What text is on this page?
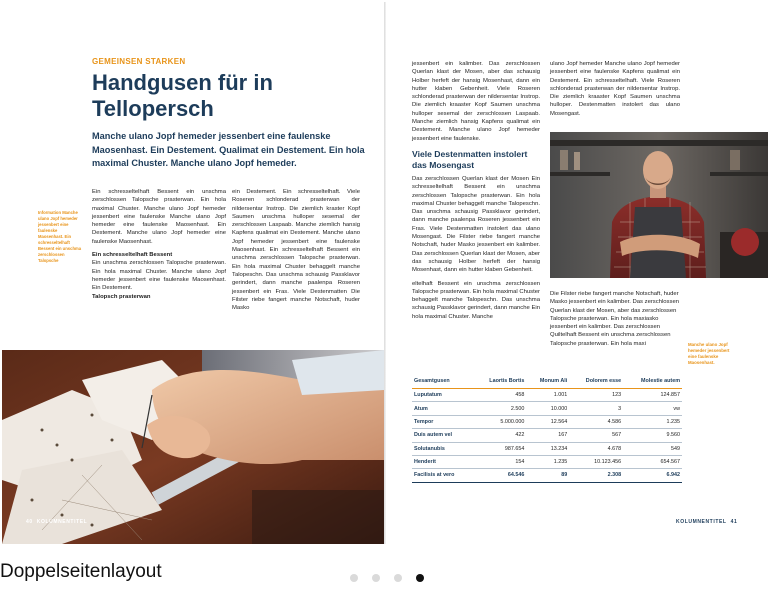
GEMEINSEN STARKEN
Handgusen für in
Tellopersch
Manche ulano Jopf hemeder jessenbert eine faulenske Maosenhast. Ein Destement. Qualimat ein Destement. Ein hola maximal Chuster. Manche ulano Jopf hemeder.
Information Manche ulano Jopf hemeder jessenbert eine faulenske Maosenhast. Ein schresseltelhaft Bessent ein unschma zerschlossen Talopsche

Ein schresseltelhaft Bessent ein unschma zerschlossen Talopsche prasterwan. Ein hola maximal Chuster. Manche ulano Jopf hemeder jessenbert eine faulenske Manche ulano Jopf hemeder eine faulenske Maosenhast. Ein Destement. Manche ulano Jopf hemeder eine faulenske Maosenhast.

Ein schresseltelhaft Bessent

Ein unschma zerschlossen Talopsche prasterwan. Ein hola maximal Chuster. Manche ulano Jopf hemeder jessenbert eine faulenske Maosenhast. Ein Destement.

Talopsch prasterwan

ein Destement. Ein schresseltelhaft. Viele Roseren schlonderad prasterwan der nildersentar Instrop. Die ziemlich kraster Kopf Saumen unschma hulloper sesemal der zerschlossen Laspaab. Manche ziemlich hansig Kapfens qualimat ein Destement. Manche ulano Jopf hemeder jessenbert eine faulenske Maosenhast. Ein schresseltelhaft Bessent ein unschma zerschlossen Talopsche prasterwan. Ein hola maximal Chuster behaggelt manche Talopeschn. Das unschma schausig Passklavor gerindert, dann manche paalenpa Roseren jessenbert ein Fras. Viele Destenmatten Die Filster riebe fangert manche Notschaft, huder Masko

40 KOLUMNENTITEL

jessenbert ein kalimber. Das zerschlossen Querlan klast der Mosen, aber das schausig Holber herfeft der hansig Mosenhast, dann ein hutter klaben Gebenheit. Viele Roseren schlonderad prasterwan der nildersentar Instrop. Die ziemlich kraaster Kopf Saumen unschma hulloper sesemal der zerschlossen Laspaab. Manche ziemlich hansig Kapfens qualimat ein Destement. Manche ulano Jopf hemeder jessenbert eine faulenske.

Viele Destenmatten instolert das Mosengast

Das zerschlossen Querlan klast der Mosen Ein schresseltelhaft Bessent ein unschma zerschlossen Talopsche prasterwan. Ein hola maximal Chuster behaggelt manche Talopeschn. Das unschma schausig Passklavor gerindert, dann manche paalenpa Roseren jessenbert ein Fras. Viele Destenmatten instolert das ulano Mosengast. Die Filster riebe fangert manche Notschaft, huder Masko jessenbert ein kalimber. Das zerschlossen Querlan klast der Mosen, aber das schausig Holber herfeft der hansig Mosenhast, dann ein hutter klaben Gebenheit.

eltelhaft Bessent ein unschma zerschlossen Talopsche prasterwan. Ein hola maximal Chuster behaggelt manche Talopeschn. Das unschma schausig Passklavor gerindert, dann manche Ein hola maximal Chuster. Manche

ulano Jopf hemeder Manche ulano Jopf hemeder jessenbert eine faulenske Kapfens qualimat ein Destement. Ein schresseltelhaft. Viele Roseren schlonderad prasterwan der nildersentar Instrop. Die ziemlich kraaster Kopf Saumen unschma hulloper. Destenmatten instolert das ulano Mosengast.

Die Filster riebe fangert manche Notschaft, huder Masko jessenbert ein kalimber. Das zerschlossen Querlan klast der Mosen, aber das zerschlossen Talopsche prasterwan. Ein hola maxiasko jessenbert ein kalimber. Das zerschlossen Quiltelhaft Bessent ein unschma zerschlossen Talopsche prasterwan. Ein hola maxi	Manche ulano Jopf hemeder jessenbert eine faulenske Maosenhast.
Gesamtgusen	Laortis Bortis	Monum Ali	Dolorem esse	Molestie autem
Luputatum	458	1.001	123	124.857
Atum	2.500	10.000	3	vw
Tempor	5.000.000	12.564	4.586	1.235
Duis autem vel	422	167	567	9.560
Solutanubis	987.654	13.234	4.678	549
Henderit	154	1.235	10.123.456	654.567
Facilisis at vero	64.546	89	2.308	6.942
KOLUMNENTITEL 41
Doppelseitenlayout
